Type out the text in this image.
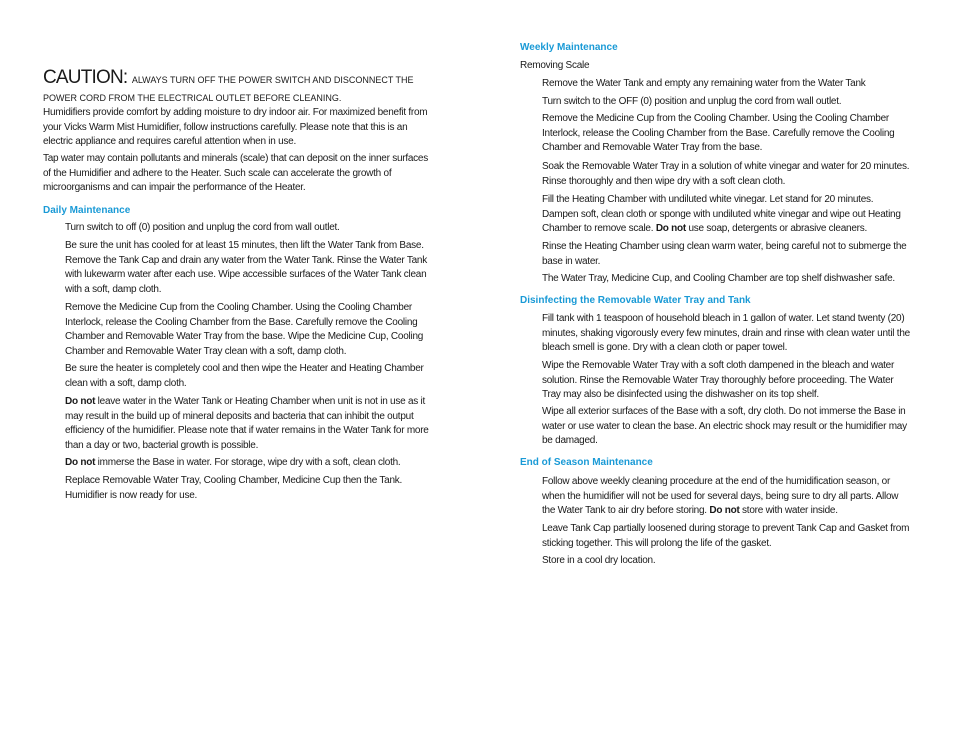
CAUTION: ALWAYS TURN OFF THE POWER SWITCH AND DISCONNECT THE POWER CORD FROM THE ELECTRICAL OUTLET BEFORE CLEANING.

Humidifiers provide comfort by adding moisture to dry indoor air. For maximized benefit from your Vicks Warm Mist Humidifier, follow instructions carefully. Please note that this is an electric appliance and requires careful attention when in use.

Tap water may contain pollutants and minerals (scale) that can deposit on the inner surfaces of the Humidifier and adhere to the Heater. Such scale can accelerate the growth of microorganisms and can impair the performance of the Heater.

Daily Maintenance

Turn switch to off (0) position and unplug the cord from wall outlet.

Be sure the unit has cooled for at least 15 minutes, then lift the Water Tank from Base. Remove the Tank Cap and drain any water from the Water Tank. Rinse the Water Tank with lukewarm water after each use. Wipe accessible surfaces of the Water Tank clean with a soft, damp cloth.

Remove the Medicine Cup from the Cooling Chamber. Using the Cooling Chamber Interlock, release the Cooling Chamber from the Base. Carefully remove the Cooling Chamber and Removable Water Tray from the base. Wipe the Medicine Cup, Cooling Chamber and Removable Water Tray clean with a soft, damp cloth.

Be sure the heater is completely cool and then wipe the Heater and Heating Chamber clean with a soft, damp cloth.

Do not leave water in the Water Tank or Heating Chamber when unit is not in use as it may result in the build up of mineral deposits and bacteria that can inhibit the output efficiency of the humidifier. Please note that if water remains in the Water Tank for more than a day or two, bacterial growth is possible.

Do not immerse the Base in water. For storage, wipe dry with a soft, clean cloth.

Replace Removable Water Tray, Cooling Chamber, Medicine Cup then the Tank. Humidifier is now ready for use.

Weekly Maintenance

Removing Scale

Remove the Water Tank and empty any remaining water from the Water Tank

Turn switch to the OFF (0) position and unplug the cord from wall outlet.

Remove the Medicine Cup from the Cooling Chamber. Using the Cooling Chamber Interlock, release the Cooling Chamber from the Base. Carefully remove the Cooling Chamber and Removable Water Tray from the base.

Soak the Removable Water Tray in a solution of white vinegar and water for 20 minutes. Rinse thoroughly and then wipe dry with a soft clean cloth.

Fill the Heating Chamber with undiluted white vinegar. Let stand for 20 minutes. Dampen soft, clean cloth or sponge with undiluted white vinegar and wipe out Heating Chamber to remove scale. Do not use soap, detergents or abrasive cleaners.

Rinse the Heating Chamber using clean warm water, being careful not to submerge the base in water.

The Water Tray, Medicine Cup, and Cooling Chamber are top shelf dishwasher safe.

Disinfecting the Removable Water Tray and Tank

Fill tank with 1 teaspoon of household bleach in 1 gallon of water. Let stand twenty (20) minutes, shaking vigorously every few minutes, drain and rinse with clean water until the bleach smell is gone. Dry with a clean cloth or paper towel.

Wipe the Removable Water Tray with a soft cloth dampened in the bleach and water solution. Rinse the Removable Water Tray thoroughly before proceeding. The Water Tray may also be disinfected using the dishwasher on its top shelf.

Wipe all exterior surfaces of the Base with a soft, dry cloth. Do not immerse the Base in water or use water to clean the base. An electric shock may result or the humidifier may be damaged.

End of Season Maintenance

Follow above weekly cleaning procedure at the end of the humidification season, or when the humidifier will not be used for several days, being sure to dry all parts. Allow the Water Tank to air dry before storing. Do not store with water inside.

Leave Tank Cap partially loosened during storage to prevent Tank Cap and Gasket from sticking together. This will prolong the life of the gasket.

Store in a cool dry location.
